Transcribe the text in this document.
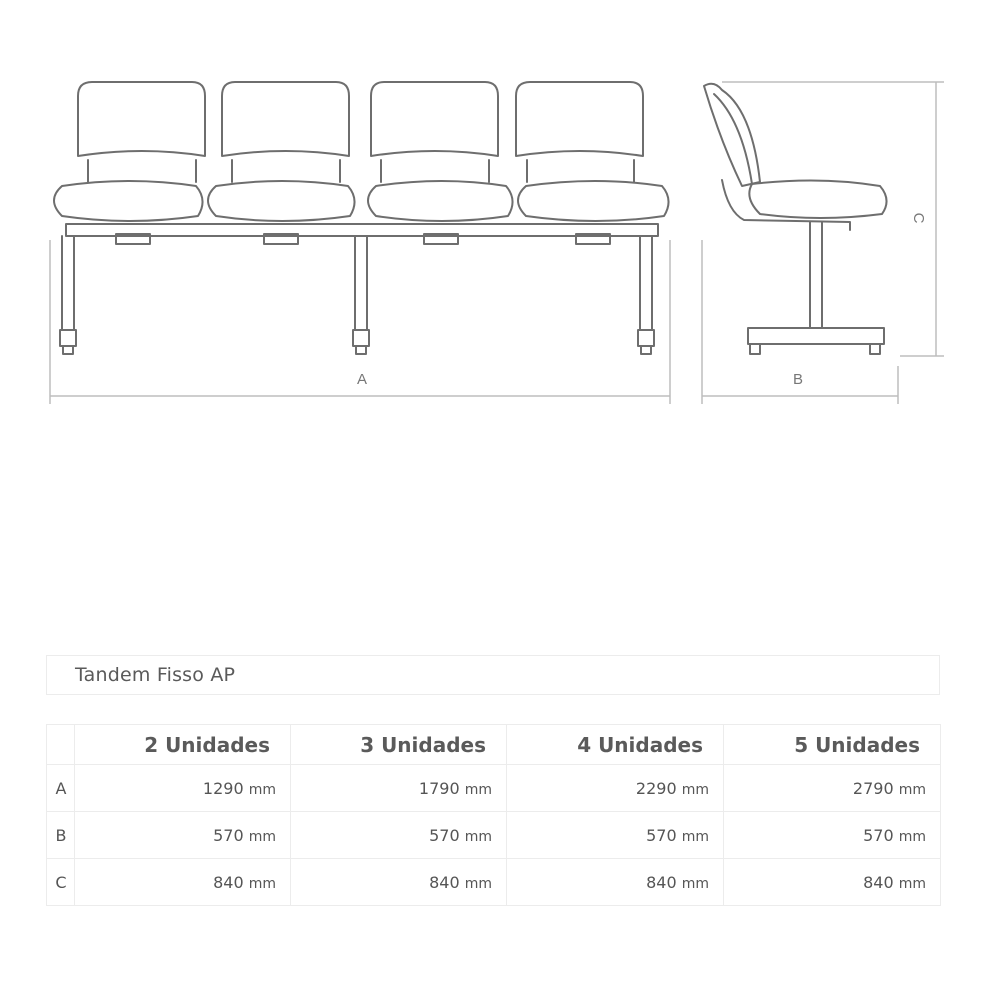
A	B
C
Tandem Fisso AP
	2 Unidades	3 Unidades	4 Unidades	5 Unidades
A	1290 mm	1790 mm	2290 mm	2790 mm
B	570 mm	570 mm	570 mm	570 mm
C	840 mm	840 mm	840 mm	840 mm
